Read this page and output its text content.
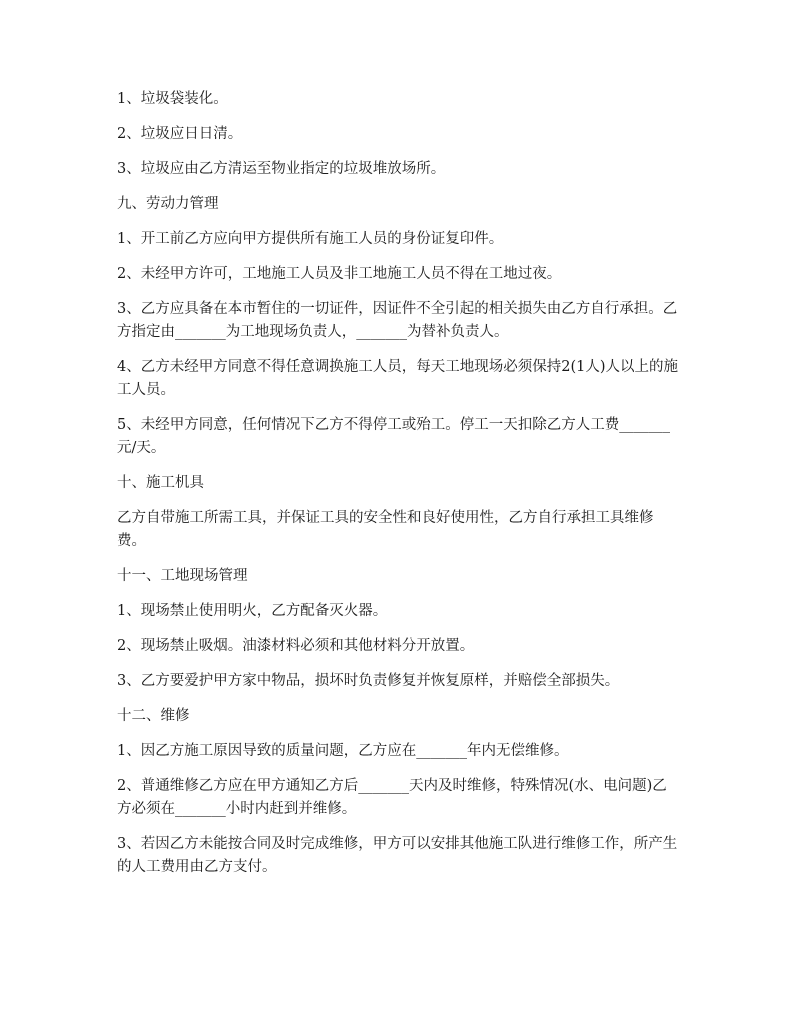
1、垃圾袋装化。

2、垃圾应日日清。

3、垃圾应由乙方清运至物业指定的垃圾堆放场所。

九、劳动力管理

1、开工前乙方应向甲方提供所有施工人员的身份证复印件。

2、未经甲方许可，工地施工人员及非工地施工人员不得在工地过夜。

3、乙方应具备在本市暂住的一切证件，因证件不全引起的相关损失由乙方自行承担。乙方指定由_______为工地现场负责人，_______为替补负责人。

4、乙方未经甲方同意不得任意调换施工人员，每天工地现场必须保持2(1人)人以上的施工人员。

5、未经甲方同意，任何情况下乙方不得停工或殆工。停工一天扣除乙方人工费_______元/天。

十、施工机具

乙方自带施工所需工具，并保证工具的安全性和良好使用性，乙方自行承担工具维修费。

十一、工地现场管理

1、现场禁止使用明火，乙方配备灭火器。

2、现场禁止吸烟。油漆材料必须和其他材料分开放置。

3、乙方要爱护甲方家中物品，损坏时负责修复并恢复原样，并赔偿全部损失。

十二、维修

1、因乙方施工原因导致的质量问题，乙方应在_______年内无偿维修。

2、普通维修乙方应在甲方通知乙方后_______天内及时维修，特殊情况(水、电问题)乙方必须在_______小时内赶到并维修。

3、若因乙方未能按合同及时完成维修，甲方可以安排其他施工队进行维修工作，所产生的人工费用由乙方支付。
